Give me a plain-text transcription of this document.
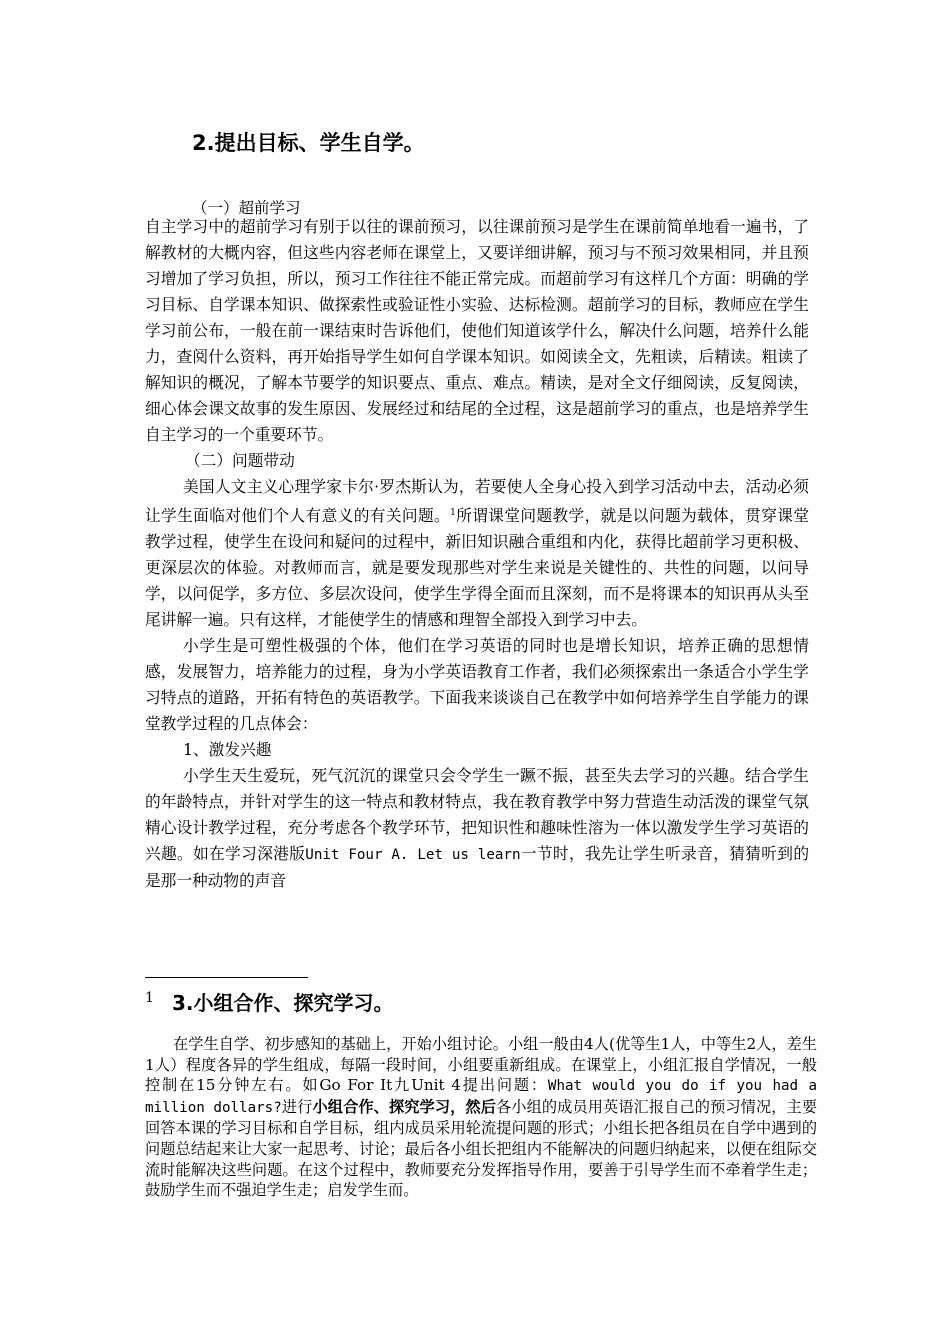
2.提出目标、学生自学。
（一）超前学习

自主学习中的超前学习有别于以往的课前预习，以往课前预习是学生在课前简单地看一遍书，了解教材的大概内容，但这些内容老师在课堂上，又要详细讲解，预习与不预习效果相同，并且预习增加了学习负担，所以，预习工作往往不能正常完成。而超前学习有这样几个方面：明确的学习目标、自学课本知识、做探索性或验证性小实验、达标检测。超前学习的目标，教师应在学生学习前公布，一般在前一课结束时告诉他们，使他们知道该学什么，解决什么问题，培养什么能力，查阅什么资料，再开始指导学生如何自学课本知识。如阅读全文，先粗读，后精读。粗读了解知识的概况，了解本节要学的知识要点、重点、难点。精读，是对全文仔细阅读，反复阅读，细心体会课文故事的发生原因、发展经过和结尾的全过程，这是超前学习的重点，也是培养学生自主学习的一个重要环节。

（二）问题带动

美国人文主义心理学家卡尔·罗杰斯认为，若要使人全身心投入到学习活动中去，活动必须让学生面临对他们个人有意义的有关问题。$^1$所谓课堂问题教学，就是以问题为载体，贯穿课堂教学过程，使学生在设问和疑问的过程中，新旧知识融合重组和内化，获得比超前学习更积极、更深层次的体验。对教师而言，就是要发现那些对学生来说是关键性的、共性的问题，以问导学，以问促学，多方位、多层次设问，使学生学得全面而且深刻，而不是将课本的知识再从头至尾讲解一遍。只有这样，才能使学生的情感和理智全部投入到学习中去。

小学生是可塑性极强的个体，他们在学习英语的同时也是增长知识，培养正确的思想情感，发展智力，培养能力的过程，身为小学英语教育工作者，我们必须探索出一条适合小学生学习特点的道路，开拓有特色的英语教学。下面我来谈谈自己在教学中如何培养学生自学能力的课堂教学过程的几点体会：

1、激发兴趣

小学生天生爱玩，死气沉沉的课堂只会令学生一蹶不振，甚至失去学习的兴趣。结合学生的年龄特点，并针对学生的这一特点和教材特点，我在教育教学中努力营造生动活泼的课堂气氛精心设计教学过程，充分考虑各个教学环节，把知识性和趣味性溶为一体以激发学生学习英语的兴趣。如在学习深港版Unit Four A. Let us learn一节时，我先让学生听录音，猜猜听到的是那一种动物的声音

1 3.小组合作、探究学习。

在学生自学、初步感知的基础上，开始小组讨论。小组一般由4人(优等生1人，中等生2人，差生1人）程度各异的学生组成，每隔一段时间，小组要重新组成。在课堂上，小组汇报自学情况，一般控制在15分钟左右。如Go For It九Unit 4提出问题：What would you do if you had a million dollars?进行小组合作、探究学习，然后各小组的成员用英语汇报自己的预习情况，主要回答本课的学习目标和自学目标，组内成员采用轮流提问题的形式；小组长把各组员在自学中遇到的问题总结起来让大家一起思考、讨论；最后各小组长把组内不能解决的问题归纳起来，以便在组际交流时能解决这些问题。在这个过程中，教师要充分发挥指导作用，要善于引导学生而不牵着学生走；鼓励学生而不强迫学生走；启发学生而。
